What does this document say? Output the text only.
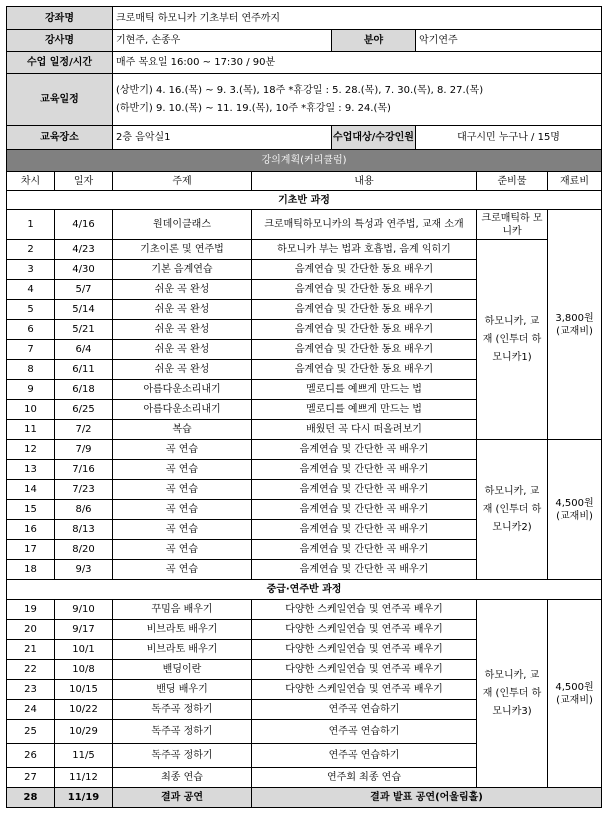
강좌명	크로매틱 하모니카 기초부터 연주까지		
강사명	기현주, 손종우	분야	악기연주
수업 일정/시간	매주 목요일 16:00 ~ 17:30 / 90분		
교육일정	(상반기) 4. 16.(목) ~ 9. 3.(목), 18주 *휴강일 : 5. 28.(목), 7. 30.(목), 8. 27.(목)
(하반기) 9. 10.(목) ~ 11. 19.(목), 10주 *휴강일 : 9. 24.(목)		

교육장소	2층 음악실1	수업대상/수강인원	대구시민 누구나 / 15명
강의계획(커리큘럼)					
차시	일자	주제	내용	준비물	재료비
기초반 과정					
1	4/16	원데이클래스	크로매틱하모니카의 특성과 연주법, 교재 소개	크로매틱하 모니카	3,800원 (교재비)
2	4/23	기초이론 및 연주법	하모니카 부는 법과 호흡법, 음계 익히기	하모니카, 교재 (인투더 하모니카1)	
3	4/30	기본 음계연습	음계연습 및 간단한 동요 배우기		
4	5/7	쉬운 곡 완성	음계연습 및 간단한 동요 배우기		
5	5/14	쉬운 곡 완성	음계연습 및 간단한 동요 배우기		
6	5/21	쉬운 곡 완성	음계연습 및 간단한 동요 배우기		
7	6/4	쉬운 곡 완성	음계연습 및 간단한 동요 배우기		
8	6/11	쉬운 곡 완성	음계연습 및 간단한 동요 배우기		
9	6/18	아름다운소리내기	멜로디를 예쁘게 만드는 법		
10	6/25	아름다운소리내기	멜로디를 예쁘게 만드는 법		
11	7/2	복습	배웠던 곡 다시 떠올려보기		
12	7/9	곡 연습	음계연습 및 간단한 곡 배우기	하모니카, 교재 (인투더 하모니카2)	4,500원 (교재비)
13	7/16	곡 연습	음계연습 및 간단한 곡 배우기		
14	7/23	곡 연습	음계연습 및 간단한 곡 배우기		
15	8/6	곡 연습	음계연습 및 간단한 곡 배우기		
16	8/13	곡 연습	음계연습 및 간단한 곡 배우기		
17	8/20	곡 연습	음계연습 및 간단한 곡 배우기		
18	9/3	곡 연습	음계연습 및 간단한 곡 배우기		
중급·연주반 과정					
19	9/10	꾸밈음 배우기	다양한 스케일연습 및 연주곡 배우기	하모니카, 교재 (인투더 하모니카3)	4,500원 (교재비)
20	9/17	비브라토 배우기	다양한 스케일연습 및 연주곡 배우기		
21	10/1	비브라토 배우기	다양한 스케일연습 및 연주곡 배우기		
22	10/8	밴딩이란	다양한 스케일연습 및 연주곡 배우기		
23	10/15	밴딩 배우기	다양한 스케일연습 및 연주곡 배우기		
24	10/22	독주곡 정하기	연주곡 연습하기		
25	10/29	독주곡 정하기	연주곡 연습하기		
26	11/5	독주곡 정하기	연주곡 연습하기		
27	11/12	최종 연습	연주회 최종 연습		
28	11/19	결과 공연	결과 발표 공연(어울림홀)		
